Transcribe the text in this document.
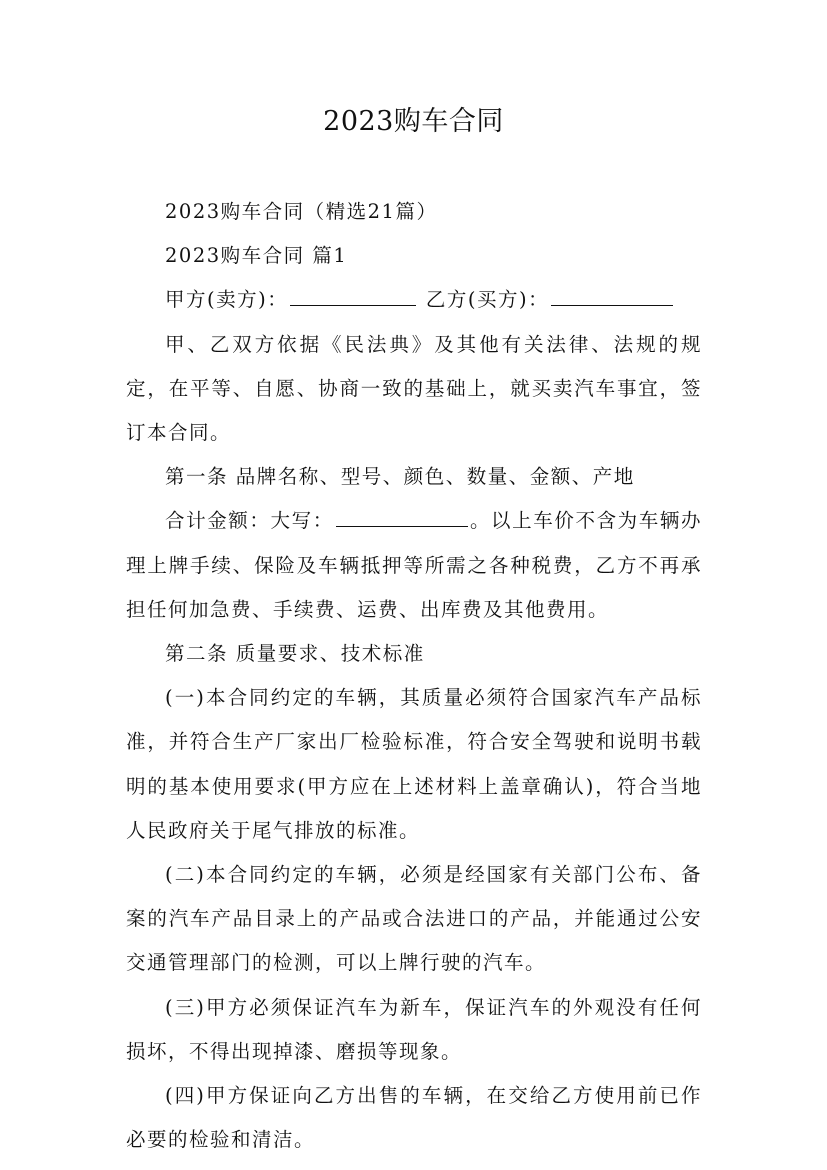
2023购车合同

2023购车合同（精选21篇）

2023购车合同 篇1

甲方(卖方)：	乙方(买方)：

甲、乙双方依据《民法典》及其他有关法律、法规的规定，在平等、自愿、协商一致的基础上，就买卖汽车事宜，签订本合同。

第一条 品牌名称、型号、颜色、数量、金额、产地

合计金额：大写：	。以上车价不含为车辆办理上牌手续、保险及车辆抵押等所需之各种税费，乙方不再承担任何加急费、手续费、运费、出库费及其他费用。

第二条 质量要求、技术标准

(一)本合同约定的车辆，其质量必须符合国家汽车产品标准，并符合生产厂家出厂检验标准，符合安全驾驶和说明书载明的基本使用要求(甲方应在上述材料上盖章确认)，符合当地人民政府关于尾气排放的标准。

(二)本合同约定的车辆，必须是经国家有关部门公布、备案的汽车产品目录上的产品或合法进口的产品，并能通过公安交通管理部门的检测，可以上牌行驶的汽车。

(三)甲方必须保证汽车为新车，保证汽车的外观没有任何损坏，不得出现掉漆、磨损等现象。

(四)甲方保证向乙方出售的车辆，在交给乙方使用前已作必要的检验和清洁。
